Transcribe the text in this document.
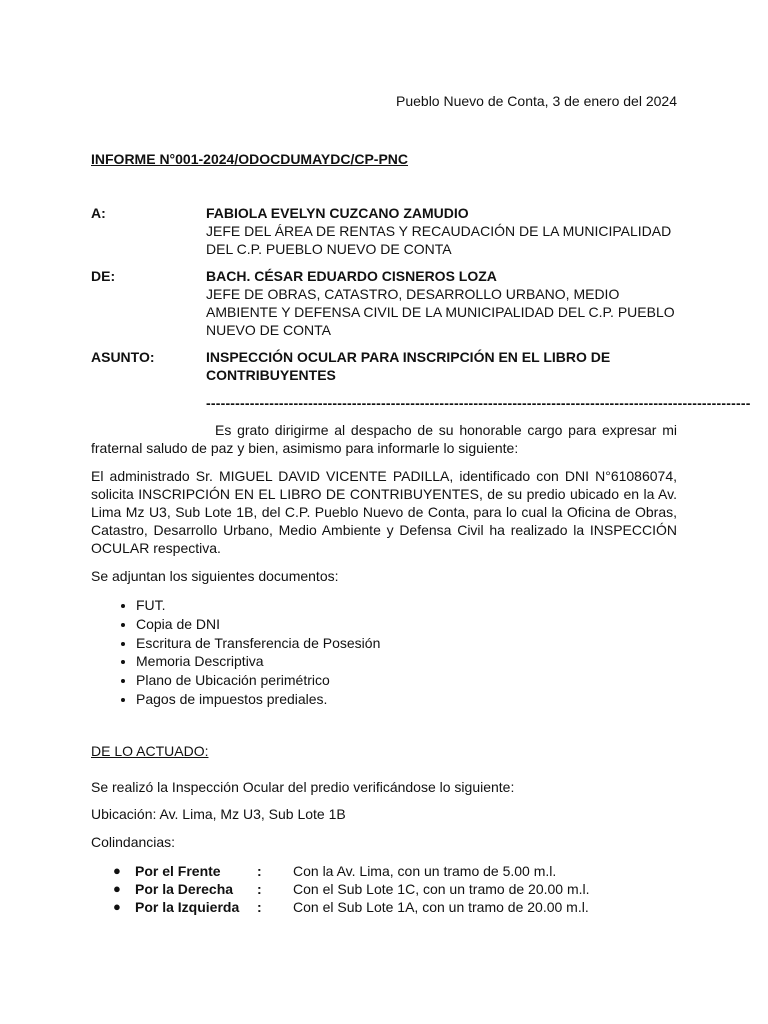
Pueblo Nuevo de Conta, 3 de enero del 2024
INFORME N°001-2024/ODOCDUMAYDC/CP-PNC
A:	FABIOLA EVELYN CUZCANO ZAMUDIO
JEFE DEL ÁREA DE RENTAS Y RECAUDACIÓN DE LA MUNICIPALIDAD DEL C.P. PUEBLO NUEVO DE CONTA
DE:	BACH. CÉSAR EDUARDO CISNEROS LOZA
JEFE DE OBRAS, CATASTRO, DESARROLLO URBANO, MEDIO AMBIENTE Y DEFENSA CIVIL DE LA MUNICIPALIDAD DEL C.P. PUEBLO NUEVO DE CONTA
ASUNTO:	INSPECCIÓN OCULAR PARA INSCRIPCIÓN EN EL LIBRO DE CONTRIBUYENTES
----------------------------------------------------------------------------------------------------------------
Es grato dirigirme al despacho de su honorable cargo para expresar mi fraternal saludo de paz y bien, asimismo para informarle lo siguiente:
El administrado Sr. MIGUEL DAVID VICENTE PADILLA, identificado con DNI N°61086074, solicita INSCRIPCIÓN EN EL LIBRO DE CONTRIBUYENTES, de su predio ubicado en la Av. Lima Mz U3, Sub Lote 1B, del C.P. Pueblo Nuevo de Conta, para lo cual la Oficina de Obras, Catastro, Desarrollo Urbano, Medio Ambiente y Defensa Civil ha realizado la INSPECCIÓN OCULAR respectiva.
Se adjuntan los siguientes documentos:
• FUT.
• Copia de DNI
• Escritura de Transferencia de Posesión
• Memoria Descriptiva
• Plano de Ubicación perimétrico
• Pagos de impuestos prediales.
DE LO ACTUADO:
Se realizó la Inspección Ocular del predio verificándose lo siguiente:
Ubicación: Av. Lima, Mz U3, Sub Lote 1B
Colindancias:
●	Por el Frente	:	Con la Av. Lima, con un tramo de 5.00 m.l.
●	Por la Derecha	:	Con el Sub Lote 1C, con un tramo de 20.00 m.l.
●	Por la Izquierda	:	Con el Sub Lote 1A, con un tramo de 20.00 m.l.
